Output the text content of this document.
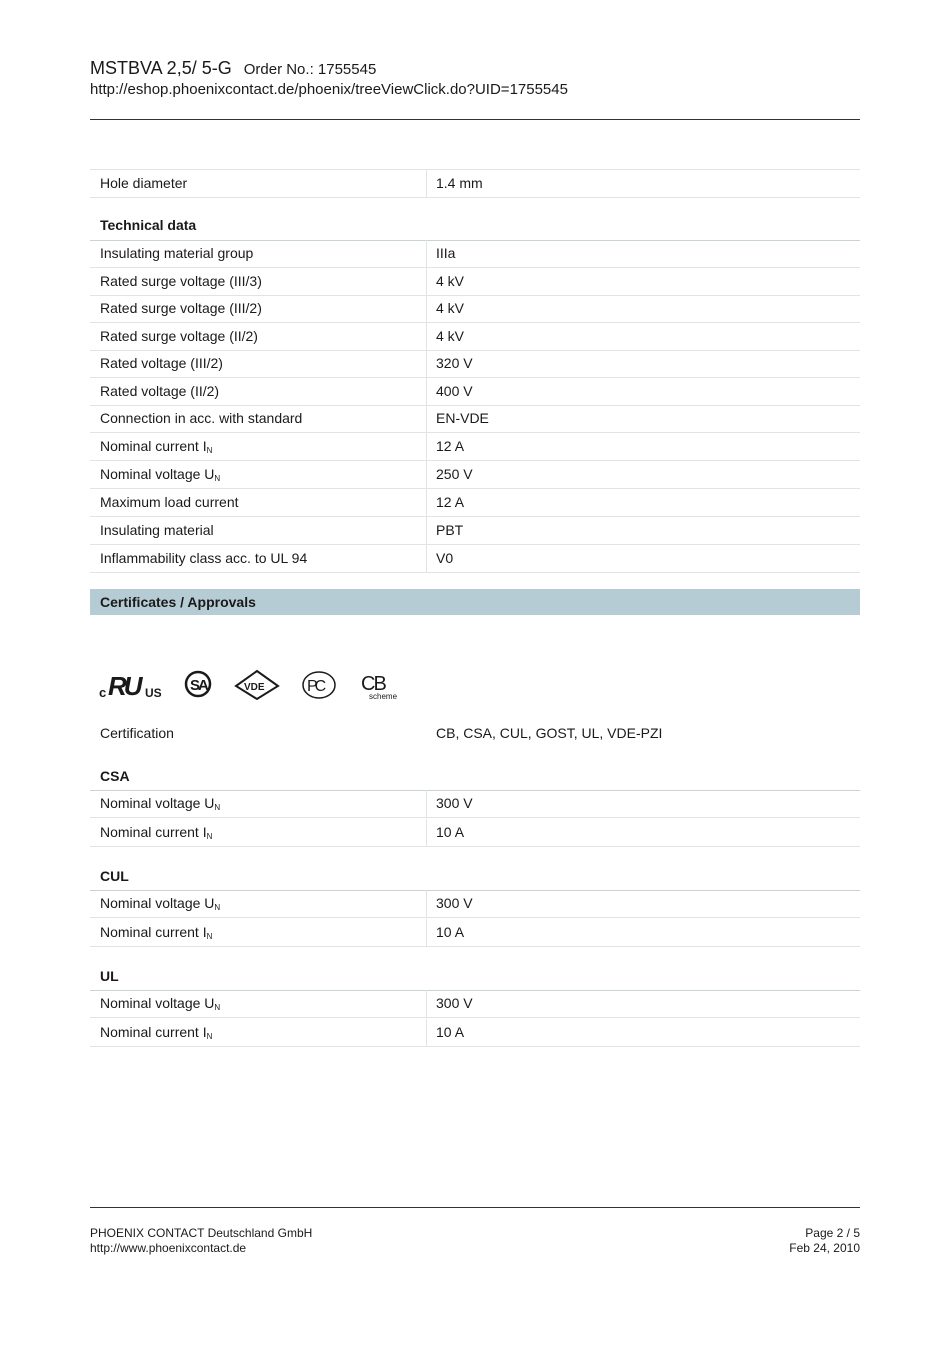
MSTBVA 2,5/ 5-G Order No.: 1755545
http://eshop.phoenixcontact.de/phoenix/treeViewClick.do?UID=1755545
Hole diameter	1.4 mm
Technical data
Insulating material group	IIIa
Rated surge voltage (III/3)	4 kV
Rated surge voltage (III/2)	4 kV
Rated surge voltage (II/2)	4 kV
Rated voltage (III/2)	320 V
Rated voltage (II/2)	400 V
Connection in acc. with standard	EN-VDE
Nominal current $I_N$	12 A
Nominal voltage $U_N$	250 V
Maximum load current	12 A
Insulating material	PBT
Inflammability class acc. to UL 94	V0
Certificates / Approvals
c RU US SA	VDE	PC CB
scheme
Certification	CB, CSA, CUL, GOST, UL, VDE-PZI
CSA
Nominal voltage $U_N$	300 V
Nominal current $I_N$	10 A
CUL
Nominal voltage $U_N$	300 V
Nominal current $I_N$	10 A
UL
Nominal voltage $U_N$	300 V
Nominal current $I_N$	10 A
PHOENIX CONTACT Deutschland GmbH
http://www.phoenixcontact.de
Page 2 / 5
Feb 24, 2010
